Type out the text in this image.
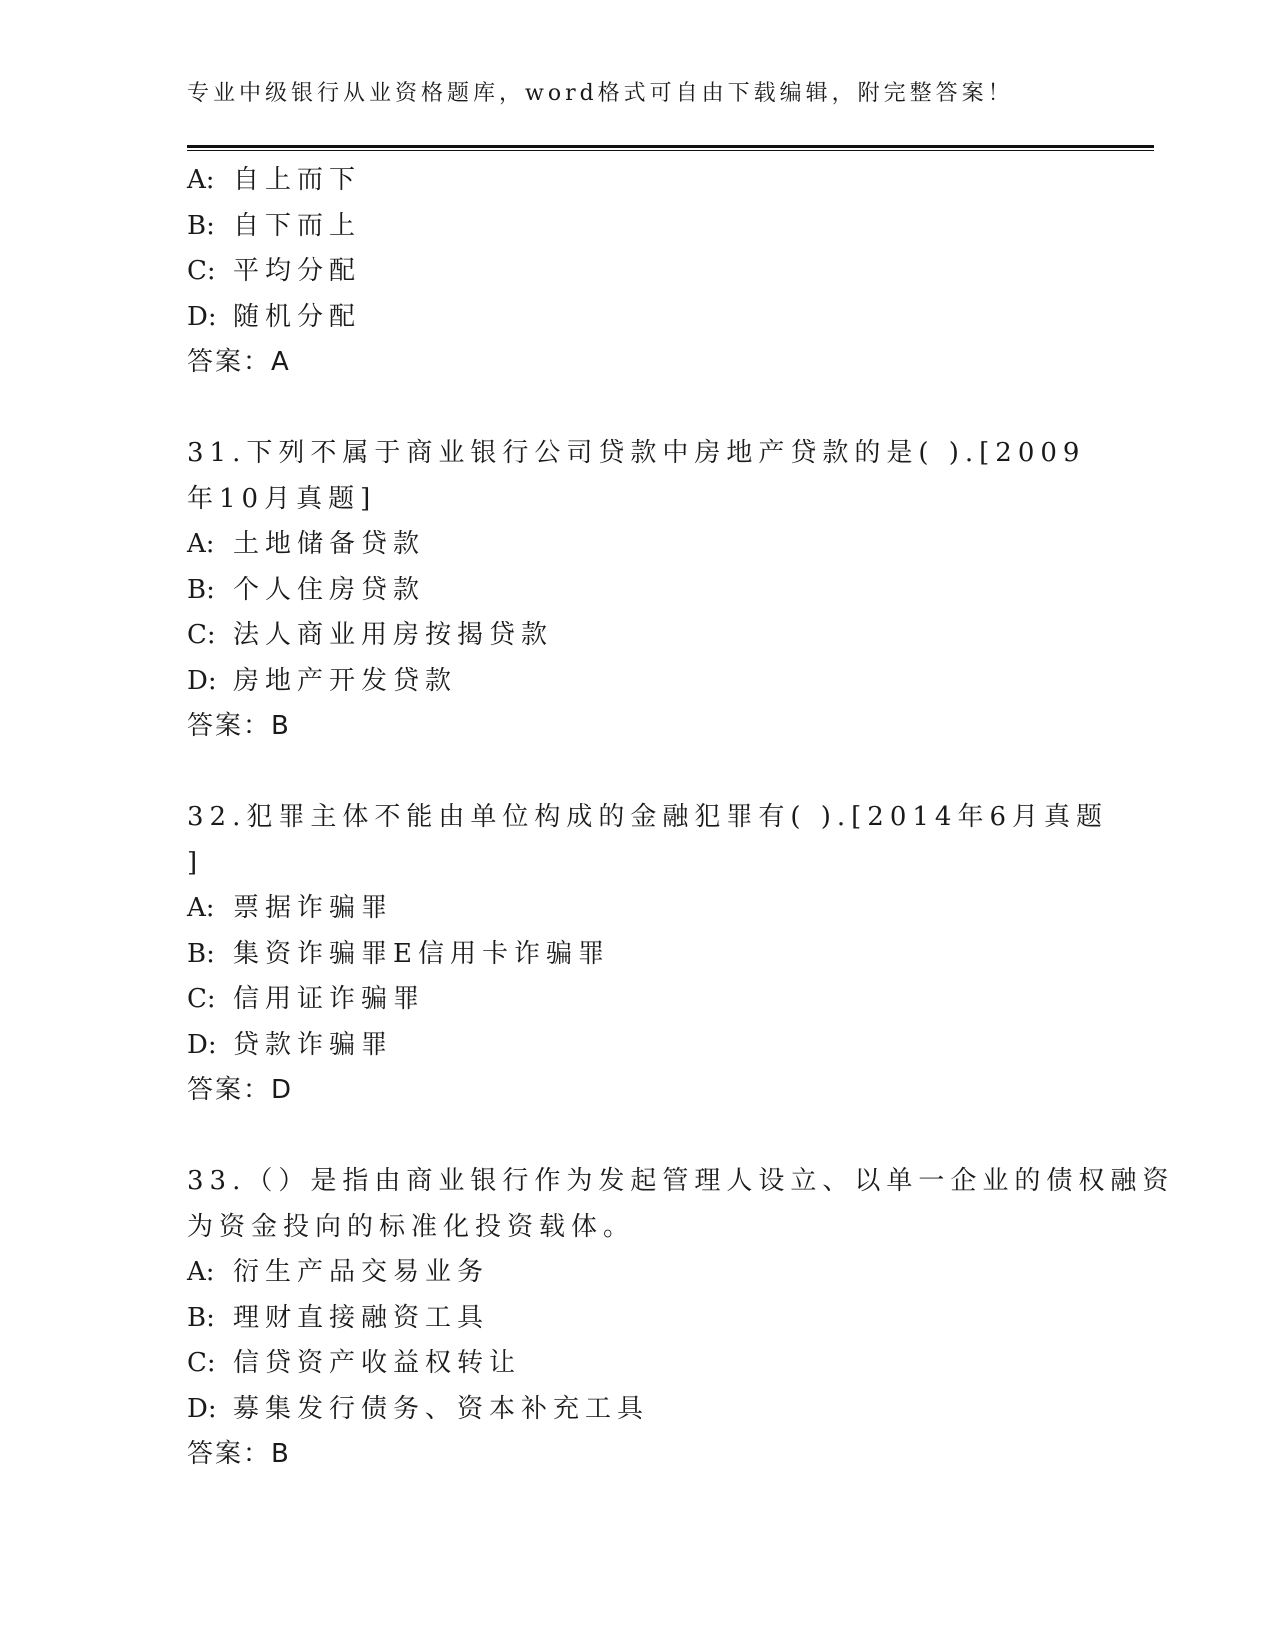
专业中级银行从业资格题库，word格式可自由下载编辑，附完整答案！
A: 自上而下
B: 自下而上
C: 平均分配
D: 随机分配
答案：A
31.下列不属于商业银行公司贷款中房地产贷款的是( ).[2009
年10月真题]
A: 土地储备贷款
B: 个人住房贷款
C: 法人商业用房按揭贷款
D: 房地产开发贷款
答案：B
32.犯罪主体不能由单位构成的金融犯罪有( ).[2014年6月真题
]
A: 票据诈骗罪
B: 集资诈骗罪E信用卡诈骗罪
C: 信用证诈骗罪
D: 贷款诈骗罪
答案：D
33.（）是指由商业银行作为发起管理人设立、以单一企业的债权融资
为资金投向的标准化投资载体。
A: 衍生产品交易业务
B: 理财直接融资工具
C: 信贷资产收益权转让
D: 募集发行债务、资本补充工具
答案：B
